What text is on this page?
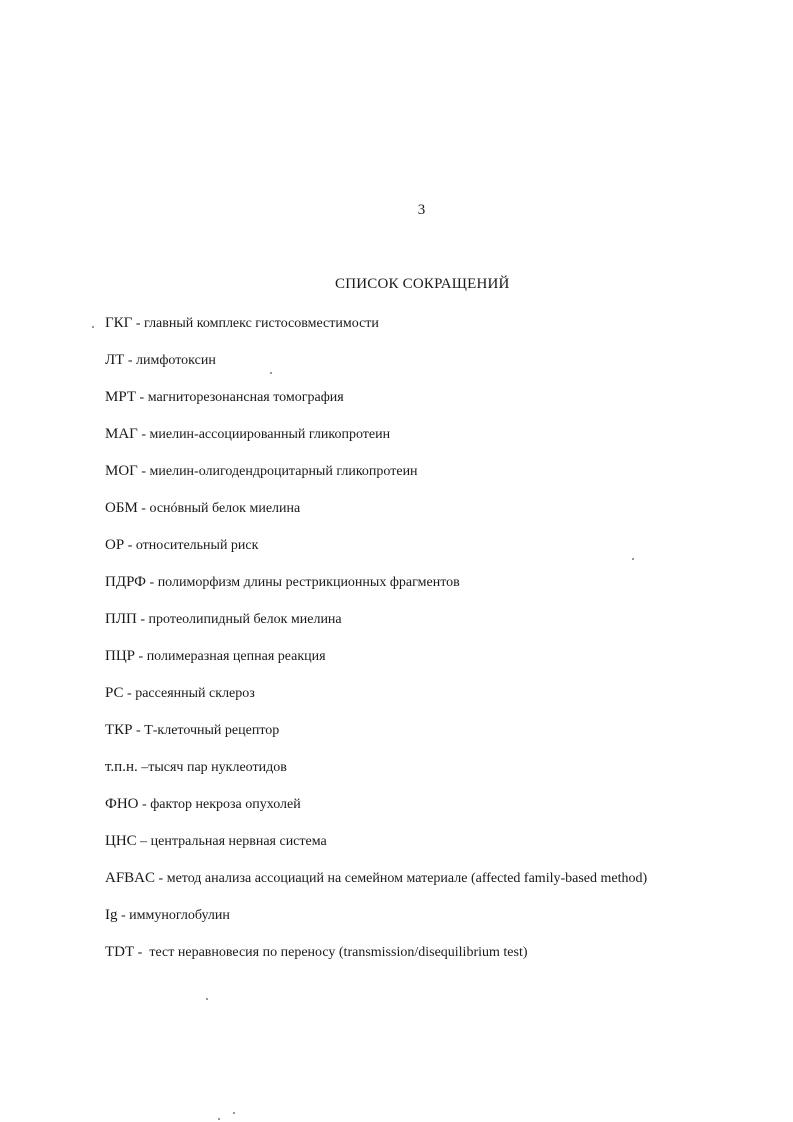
3
СПИСОК СОКРАЩЕНИЙ
ГКГ - главный комплекс гистосовместимости
ЛТ - лимфотоксин
МРТ - магниторезонансная томография
МАГ - миелин-ассоциированный гликопротеин
МОГ - миелин-олигодендроцитарный гликопротеин
ОБМ - оснóвный белок миелина
ОР - относительный риск
ПДРФ - полиморфизм длины рестрикционных фрагментов
ПЛП - протеолипидный белок миелина
ПЦР - полимеразная цепная реакция
РС - рассеянный склероз
ТКР - Т-клеточный рецептор
т.п.н. –тысяч пар нуклеотидов
ФНО - фактор некроза опухолей
ЦНС – центральная нервная система
AFBAC - метод анализа ассоциаций на семейном материале (affected family-based method)
Ig - иммуноглобулин
TDT -  тест неравновесия по переносу (transmission/disequilibrium test)
